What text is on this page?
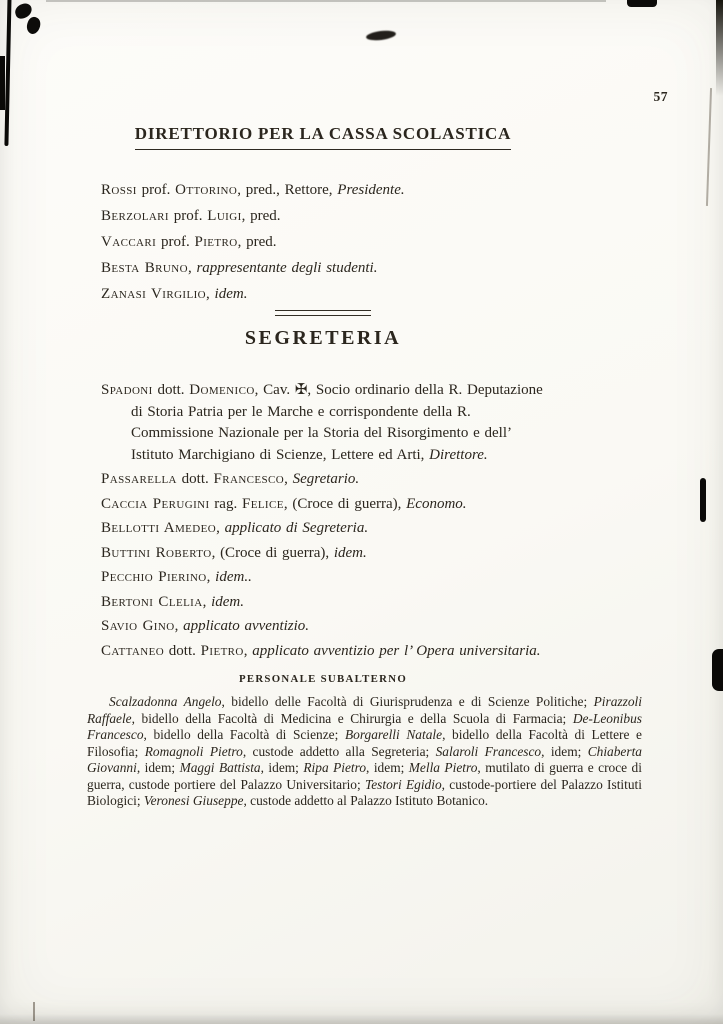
57
DIRETTORIO PER LA CASSA SCOLASTICA

Rossi prof. Ottorino, pred., Rettore, Presidente.

Berzolari prof. Luigi, pred.

Vaccari prof. Pietro, pred.

Besta Bruno, rappresentante degli studenti.

Zanasi Virgilio, idem.

SEGRETERIA

Spadoni dott. Domenico, Cav. ✠, Socio ordinario della R. Deputazione di Storia Patria per le Marche e corrispondente della R. Commissione Nazionale per la Storia del Risorgimento e dell’ Istituto Marchigiano di Scienze, Lettere ed Arti, Direttore.

Passarella dott. Francesco, Segretario.

Caccia Perugini rag. Felice, (Croce di guerra), Economo.

Bellotti Amedeo, applicato di Segreteria.

Buttini Roberto, (Croce di guerra), idem.

Pecchio Pierino, idem..

Bertoni Clelia, idem.

Savio Gino, applicato avventizio.

Cattaneo dott. Pietro, applicato avventizio per l’ Opera universitaria.

PERSONALE SUBALTERNO

Scalzadonna Angelo, bidello delle Facoltà di Giurisprudenza e di Scienze Politiche; Pirazzoli Raffaele, bidello della Facoltà di Medicina e Chirurgia e della Scuola di Farmacia; De-Leonibus Francesco, bidello della Facoltà di Scienze; Borgarelli Natale, bidello della Facoltà di Lettere e Filosofia; Romagnoli Pietro, custode addetto alla Segreteria; Salaroli Francesco, idem; Chiaberta Giovanni, idem; Maggi Battista, idem; Ripa Pietro, idem; Mella Pietro, mutilato di guerra e croce di guerra, custode portiere del Palazzo Universitario; Testori Egidio, custode-portiere del Palazzo Istituti Biologici; Veronesi Giuseppe, custode addetto al Palazzo Istituto Botanico.
